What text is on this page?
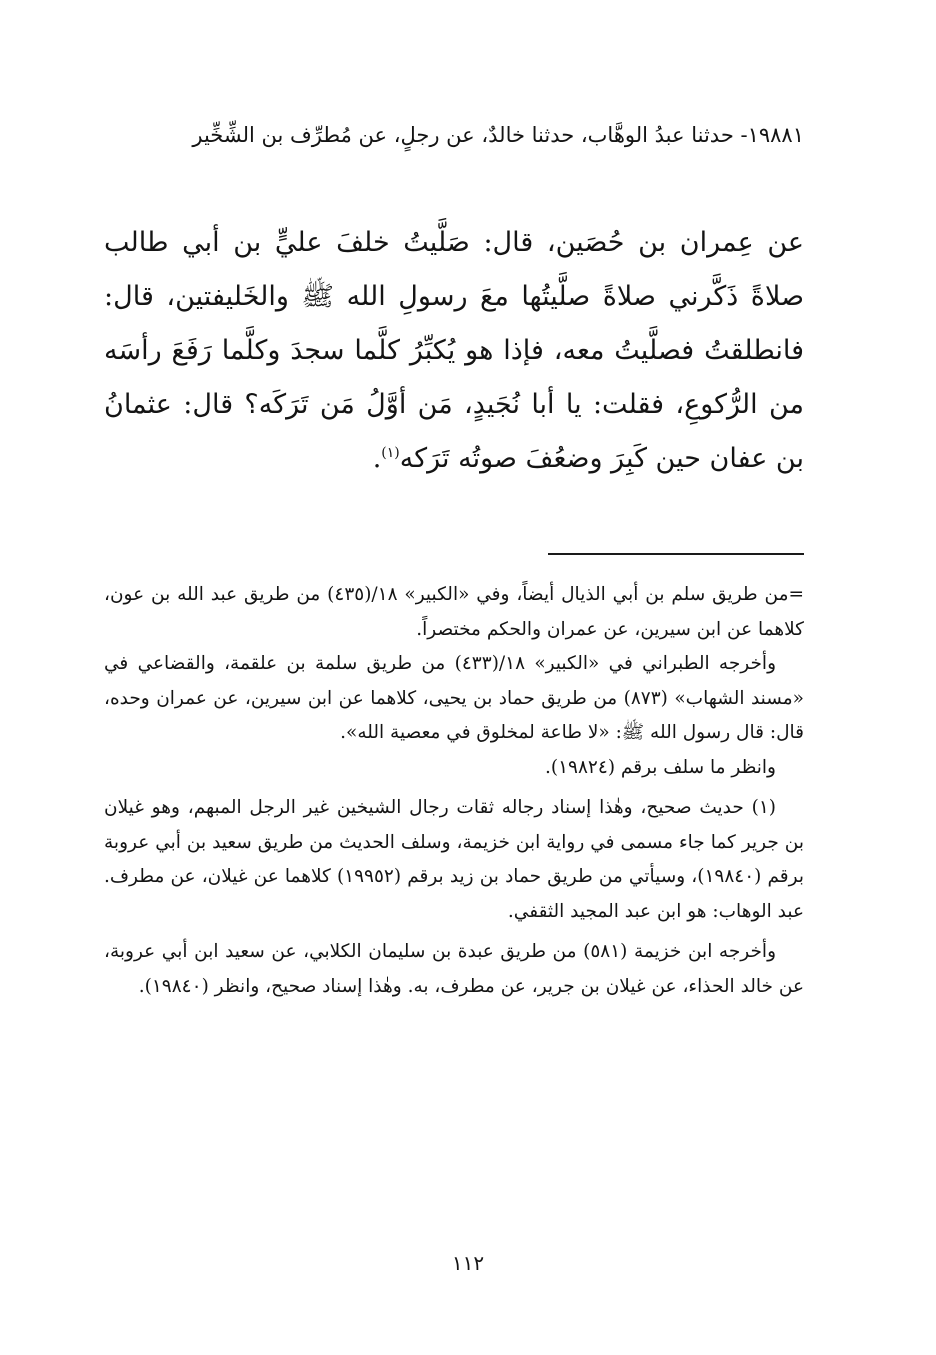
١٩٨٨١- حدثنا عبدُ الوهَّاب، حدثنا خالدٌ، عن رجلٍ، عن مُطرِّف بن الشِّخِّير

عن عِمران بن حُصَين، قال: صَلَّيتُ خلفَ عليٍّ بن أبي طالب صلاةً ذَكَّرني صلاةً صلَّيتُها معَ رسولِ الله ﷺ والخَليفتين، قال: فانطلقتُ فصلَّيتُ معه، فإذا هو يُكبِّرُ كلَّما سجدَ وكلَّما رَفَعَ رأسَه من الرُّكوعِ، فقلت: يا أبا نُجَيدٍ، مَن أوَّلُ مَن تَرَكَه؟ قال: عثمانُ بن عفان حين كَبِرَ وضعُفَ صوتُه تَرَكه$^{(١)}$.

=من طريق سلم بن أبي الذيال أيضاً، وفي «الكبير» ١٨/(٤٣٥) من طريق عبد الله بن عون، كلاهما عن ابن سيرين، عن عمران والحكم مختصراً.

وأخرجه الطبراني في «الكبير» ١٨/(٤٣٣) من طريق سلمة بن علقمة، والقضاعي في «مسند الشهاب» (٨٧٣) من طريق حماد بن يحيى، كلاهما عن ابن سيرين، عن عمران وحده، قال: قال رسول الله ﷺ: «لا طاعة لمخلوق في معصية الله».

وانظر ما سلف برقم (١٩٨٢٤).

(١) حديث صحيح، وهٰذا إسناد رجاله ثقات رجال الشيخين غير الرجل المبهم، وهو غيلان بن جرير كما جاء مسمى في رواية ابن خزيمة، وسلف الحديث من طريق سعيد بن أبي عروبة برقم (١٩٨٤٠)، وسيأتي من طريق حماد بن زيد برقم (١٩٩٥٢) كلاهما عن غيلان، عن مطرف. عبد الوهاب: هو ابن عبد المجيد الثقفي.

وأخرجه ابن خزيمة (٥٨١) من طريق عبدة بن سليمان الكلابي، عن سعيد ابن أبي عروبة، عن خالد الحذاء، عن غيلان بن جرير، عن مطرف، به. وهٰذا إسناد صحيح، وانظر (١٩٨٤٠).

١١٢
